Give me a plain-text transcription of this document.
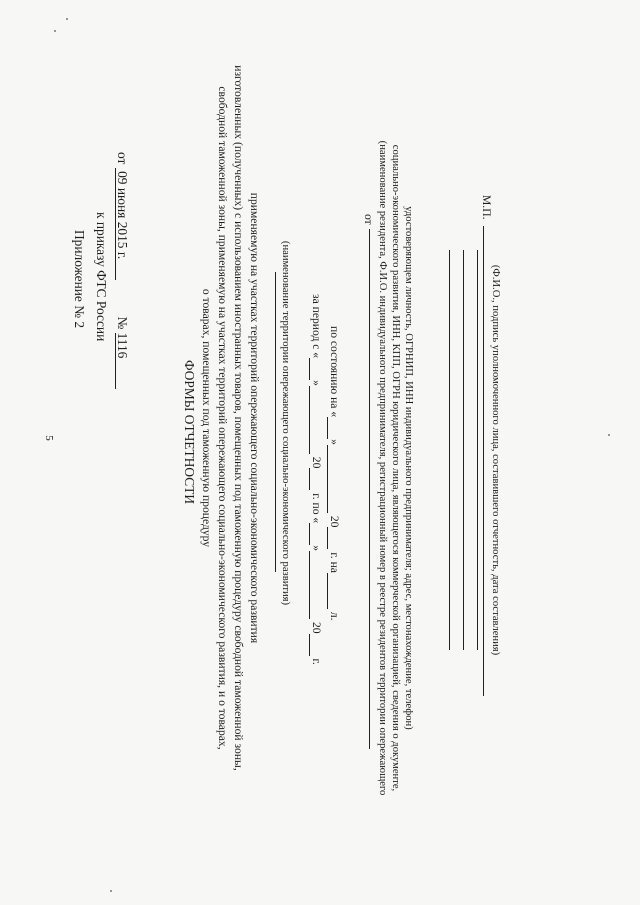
5
Приложение № 2 к приказу ФТС России
от  09 июня 2015 г.  № 1116
ФОРМЫ ОТЧЕТНОСТИ о товарах, помещенных под таможенную процедуру свободной таможенной зоны, применяемую на участках территорий опережающего социально-экономического развития, и о товарах, изготовленных (полученных) с использованием иностранных товаров, помещенных под таможенную процедуру свободной таможенной зоны, применяемую на участках территорий опережающего социально-экономического развития (наименование территории опережающего социально-экономического развития) за период с « »  20  г. по « »  20  г.
по состоянию на « »  20  г. на  л.
от (наименование резидента, Ф.И.О. индивидуального предпринимателя, регистрационный номер в реестре резидентов территории опережающего социально-экономического развития, ИНН, КПП, ОГРН юридического лица, являющегося коммерческой организацией, сведения о документе, удостоверяющем личность, ОГРНИП, ИНН индивидуального предпринимателя; адрес, местонахождение, телефон)	М.П.
(Ф.И.О., подпись уполномоченного лица, составившего отчетность, дата составления)
